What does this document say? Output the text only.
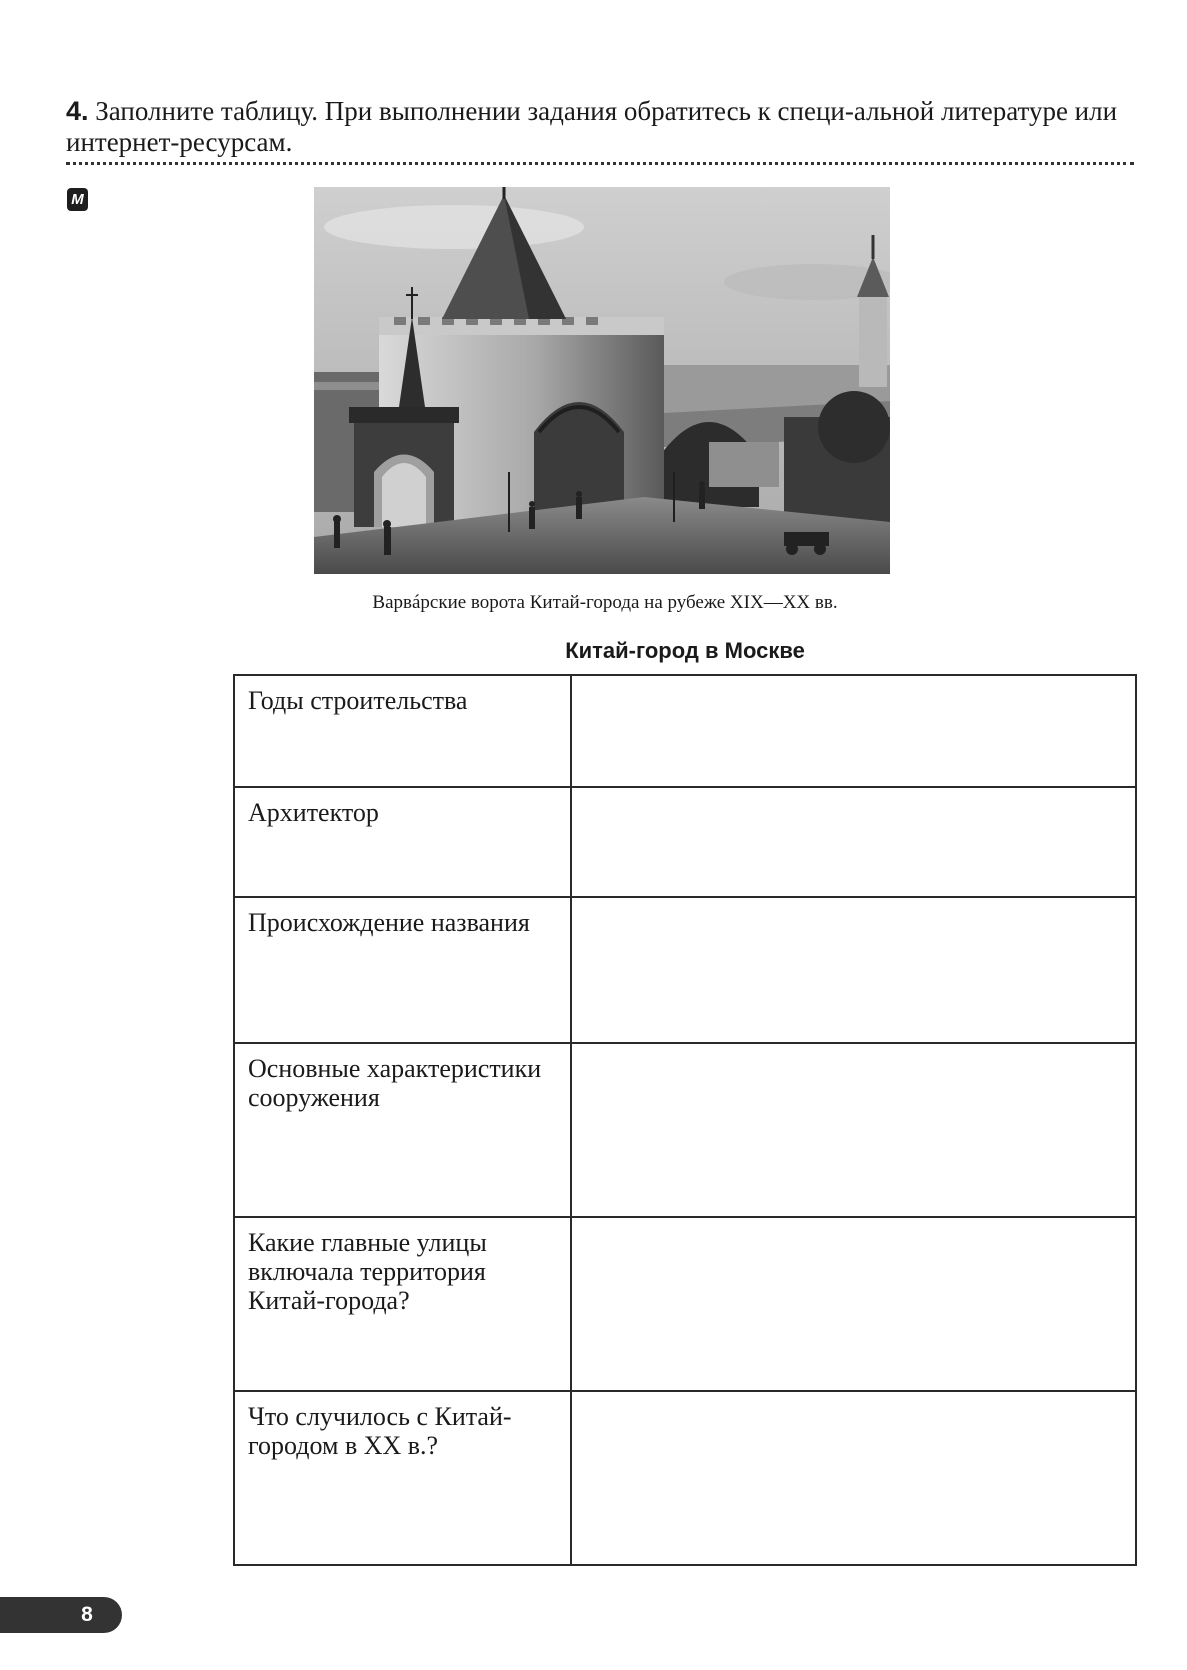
4. Заполните таблицу. При выполнении задания обратитесь к специ-альной литературе или интернет-ресурсам.
М
Варвáрские ворота Китай-города на рубеже XIX—XX вв.
Китай-город в Москве
Годы строительства	
Архитектор	
Происхождение названия	
Основные характеристики сооружения	
Какие главные улицы включала территория Китай-города?	
Что случилось с Китай-городом в XX в.?	
8
